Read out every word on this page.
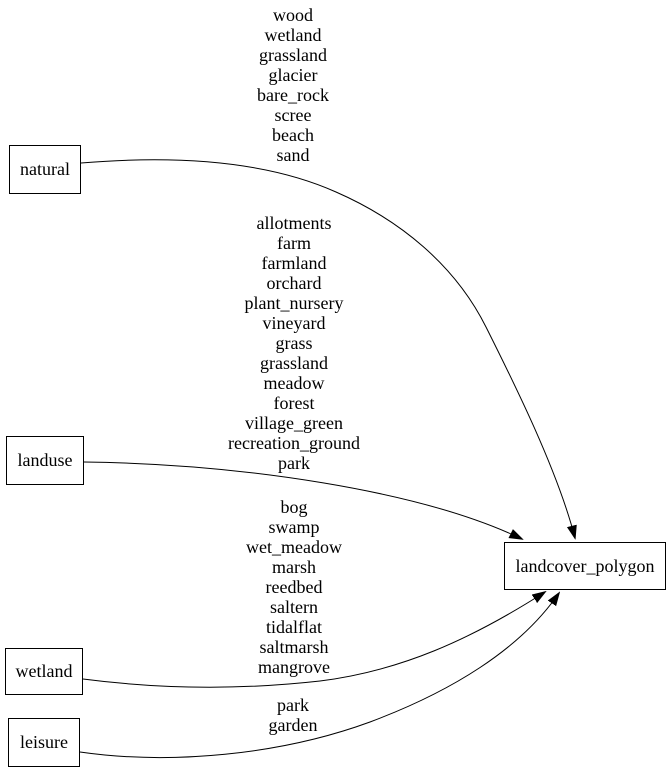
wood
wetland
grassland
glacier
bare_rock
scree
beach
sand
allotments
farm
farmland
orchard
plant_nursery
vineyard
grass
grassland
meadow
forest
village_green
recreation_ground
park
bog
swamp
wet_meadow
marsh
reedbed
saltern
tidalflat
saltmarsh
mangrove
park
garden
natural
landuse
wetland
leisure
landcover_polygon
